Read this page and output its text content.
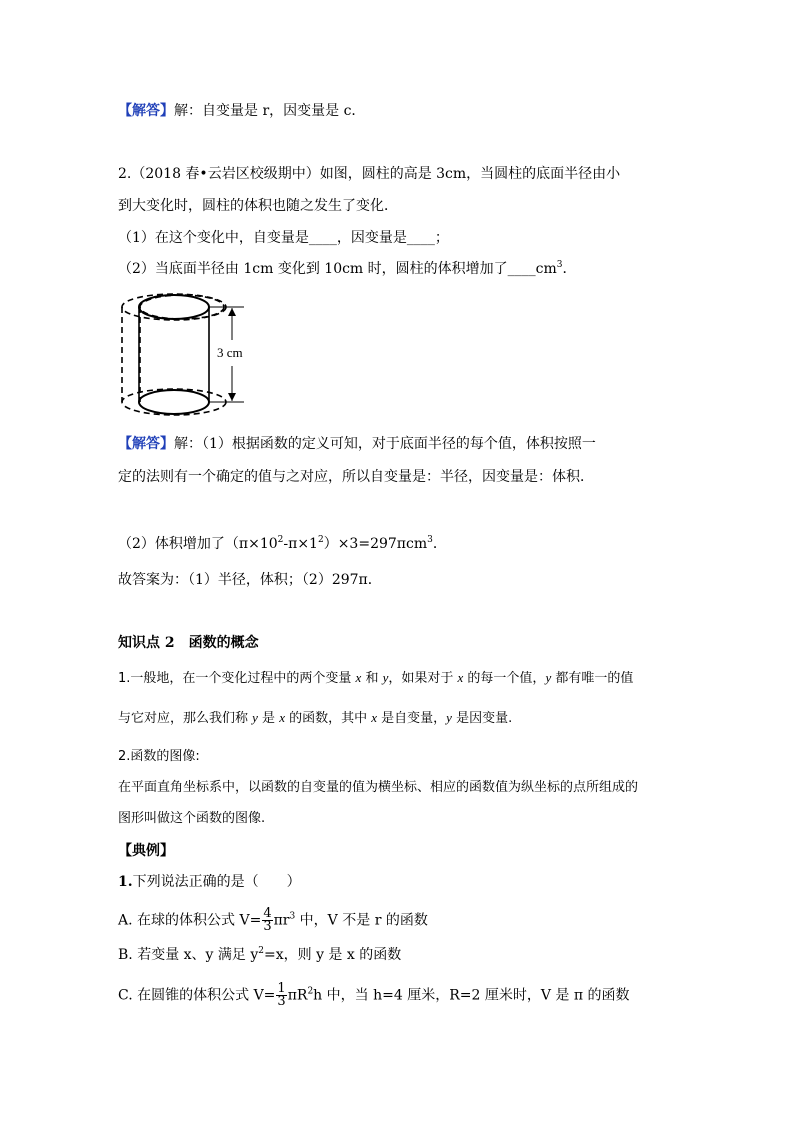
【解答】解：自变量是 r，因变量是 c．
2.（2018 春•云岩区校级期中）如图，圆柱的高是 3cm，当圆柱的底面半径由小
到大变化时，圆柱的体积也随之发生了变化．
（1）在这个变化中，自变量是____，因变量是____；
（2）当底面半径由 1cm 变化到 10cm 时，圆柱的体积增加了$\_\_\_\_cm^3$．
3 cm
【解答】解：（1）根据函数的定义可知，对于底面半径的每个值，体积按照一
定的法则有一个确定的值与之对应，所以自变量是：半径，因变量是：体积．
（2）体积增加了$(\pi\times 10^2-\pi\times 1^2)\times 3=297\pi cm^3$．
故答案为：（1）半径，体积；（2）297π．
知识点 2　函数的概念
1.一般地，在一个变化过程中的两个变量 x 和 y，如果对于 x 的每一个值，y 都有唯一的值
与它对应，那么我们称 y 是 x 的函数，其中 x 是自变量，y 是因变量.
2.函数的图像:
在平面直角坐标系中，以函数的自变量的值为横坐标、相应的函数值为纵坐标的点所组成的
图形叫做这个函数的图像.
【典例】
1.下列说法正确的是（　　）
A. 在球的体积公式 $V= \frac{4}{3} \pi r^3$ 中，V 不是 r 的函数
B. 若变量 x、y 满足 $y^2=x$，则 y 是 x 的函数
C. 在圆锥的体积公式 $V= \frac{1}{3} \pi R^2h$ 中，当 h=4 厘米，R=2 厘米时，V 是 π 的函数
